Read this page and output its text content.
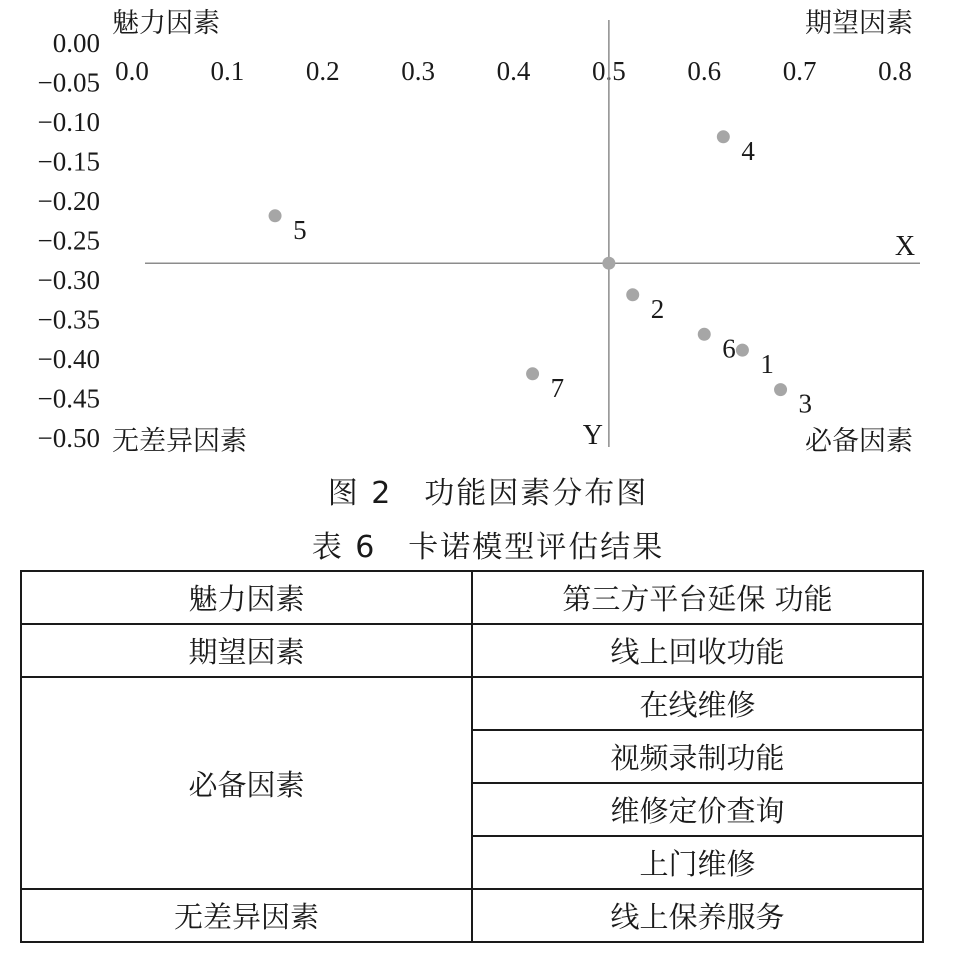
0.00
−0.05
−0.10
−0.15
−0.20
−0.25
−0.30
−0.35
−0.40
−0.45
−0.50
0.0 0.1 0.2 0.3 0.4 0.5 0.6 0.7 0.8
X
Y
魅力因素	期望因素
无差异因素	必备因素
1
2
3
4
5
6
7
图 2　功能因素分布图
表 6　卡诺模型评估结果
魅力因素	第三方平台延保 功能
期望因素	线上回收功能
必备因素	在线维修
	视频录制功能
	维修定价查询
	上门维修
无差异因素	线上保养服务
